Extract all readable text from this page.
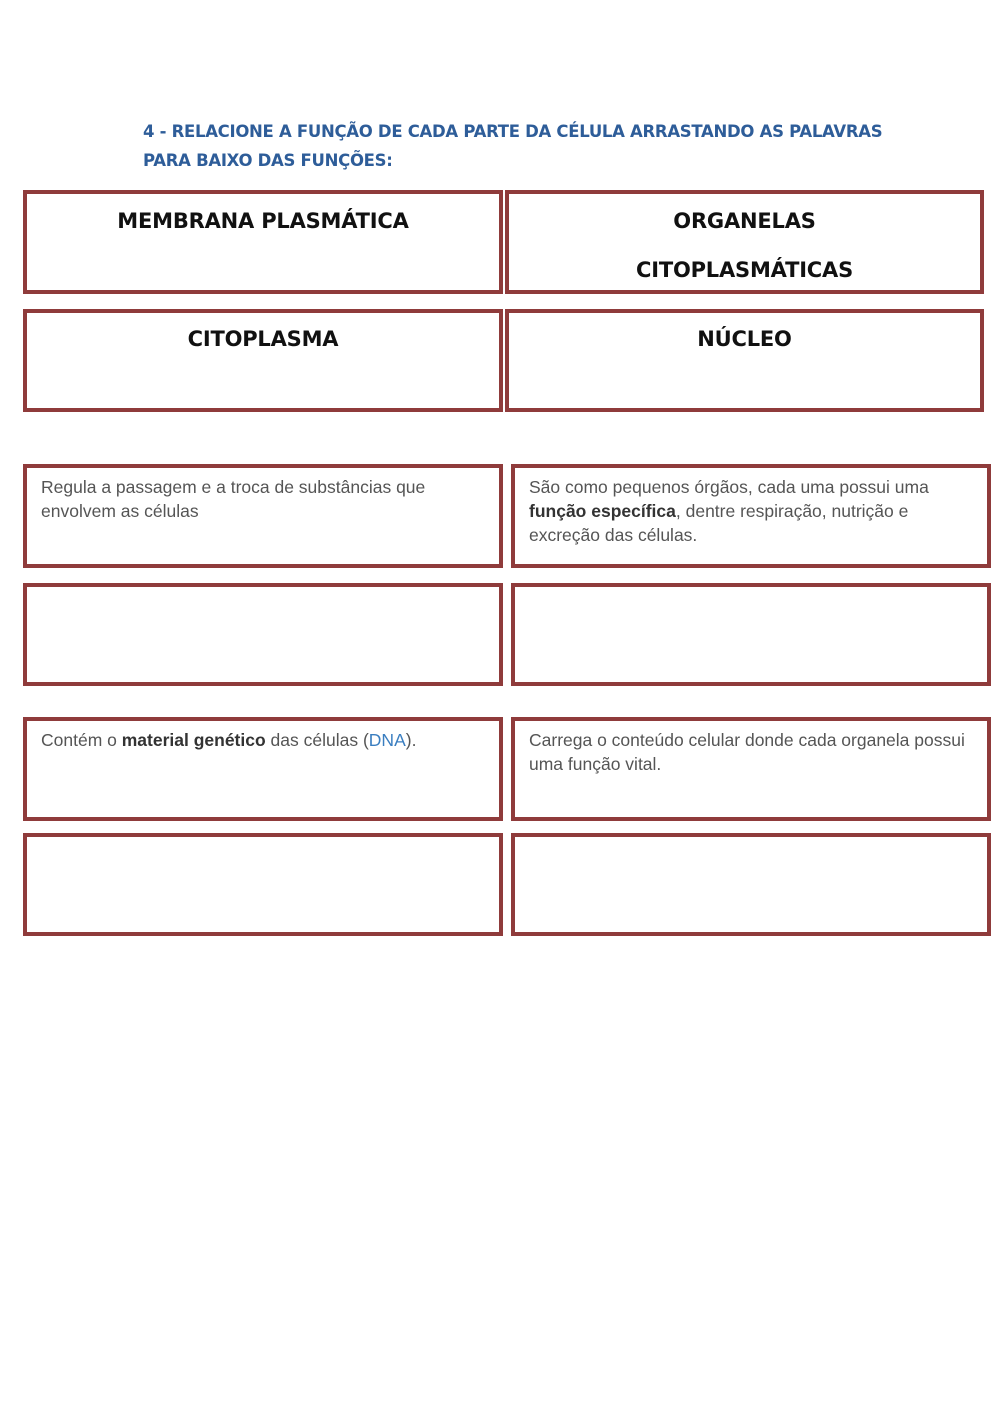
4 - RELACIONE A FUNÇÃO DE CADA PARTE DA CÉLULA ARRASTANDO AS PALAVRAS
PARA BAIXO DAS FUNÇÕES:
MEMBRANA PLASMÁTICA	ORGANELAS
CITOPLASMÁTICAS
CITOPLASMA	NÚCLEO
Regula a passagem e a troca de substâncias que envolvem as células
São como pequenos órgãos, cada uma possui uma função específica, dentre respiração, nutrição e excreção das células.
Contém o material genético das células (DNA).	Carrega o conteúdo celular donde cada organela possui uma função vital.
